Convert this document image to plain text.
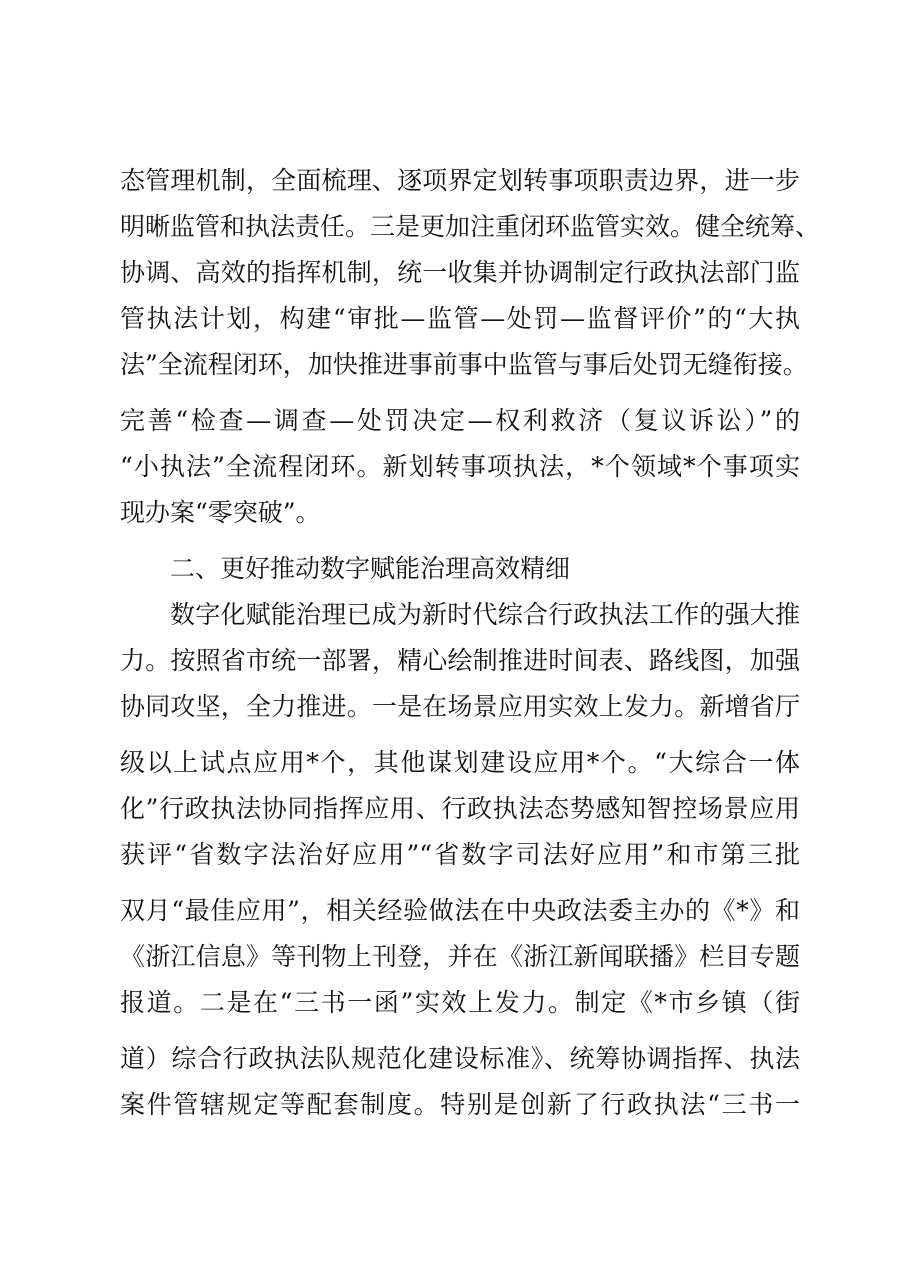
态管理机制，全面梳理、逐项界定划转事项职责边界，进一步
明晰监管和执法责任。三是更加注重闭环监管实效。健全统筹、
协调、高效的指挥机制，统一收集并协调制定行政执法部门监
管执法计划，构建“审批—监管—处罚—监督评价”的“大执
法”全流程闭环，加快推进事前事中监管与事后处罚无缝衔接。
完善“检查—调查—处罚决定—权利救济（复议诉讼）”的
“小执法”全流程闭环。新划转事项执法，*个领域*个事项实
现办案“零突破”。
二、更好推动数字赋能治理高效精细
数字化赋能治理已成为新时代综合行政执法工作的强大推
力。按照省市统一部署，精心绘制推进时间表、路线图，加强
协同攻坚，全力推进。一是在场景应用实效上发力。新增省厅
级以上试点应用*个，其他谋划建设应用*个。“大综合一体
化”行政执法协同指挥应用、行政执法态势感知智控场景应用
获评“省数字法治好应用”“省数字司法好应用”和市第三批
双月“最佳应用”，相关经验做法在中央政法委主办的《*》和
《浙江信息》等刊物上刊登，并在《浙江新闻联播》栏目专题
报道。二是在“三书一函”实效上发力。制定《*市乡镇（街
道）综合行政执法队规范化建设标准》、统筹协调指挥、执法
案件管辖规定等配套制度。特别是创新了行政执法“三书一
